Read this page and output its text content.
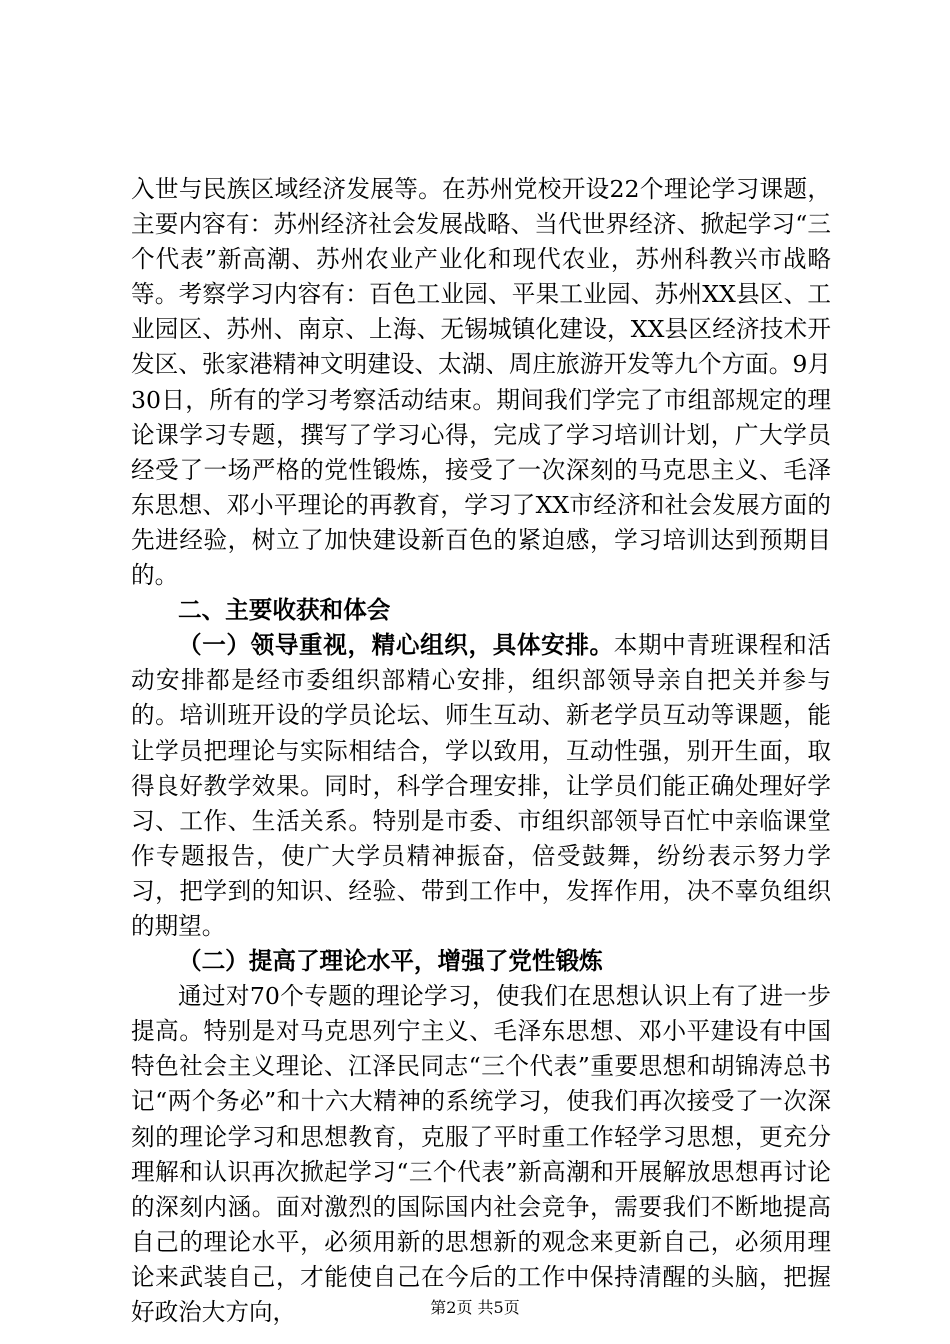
入世与民族区域经济发展等。在苏州党校开设22个理论学习课题，主要内容有：苏州经济社会发展战略、当代世界经济、掀起学习“三个代表”新高潮、苏州农业产业化和现代农业，苏州科教兴市战略等。考察学习内容有：百色工业园、平果工业园、苏州XX县区、工业园区、苏州、南京、上海、无锡城镇化建设，XX县区经济技术开发区、张家港精神文明建设、太湖、周庄旅游开发等九个方面。9月30日，所有的学习考察活动结束。期间我们学完了市组部规定的理论课学习专题，撰写了学习心得，完成了学习培训计划，广大学员经受了一场严格的党性锻炼，接受了一次深刻的马克思主义、毛泽东思想、邓小平理论的再教育，学习了XX市经济和社会发展方面的先进经验，树立了加快建设新百色的紧迫感，学习培训达到预期目的。

二、主要收获和体会

（一）领导重视，精心组织，具体安排。本期中青班课程和活动安排都是经市委组织部精心安排，组织部领导亲自把关并参与的。培训班开设的学员论坛、师生互动、新老学员互动等课题，能让学员把理论与实际相结合，学以致用，互动性强，别开生面，取得良好教学效果。同时，科学合理安排，让学员们能正确处理好学习、工作、生活关系。特别是市委、市组织部领导百忙中亲临课堂作专题报告，使广大学员精神振奋，倍受鼓舞，纷纷表示努力学习，把学到的知识、经验、带到工作中，发挥作用，决不辜负组织的期望。

（二）提高了理论水平，增强了党性锻炼

通过对70个专题的理论学习，使我们在思想认识上有了进一步提高。特别是对马克思列宁主义、毛泽东思想、邓小平建设有中国特色社会主义理论、江泽民同志“三个代表”重要思想和胡锦涛总书记“两个务必”和十六大精神的系统学习，使我们再次接受了一次深刻的理论学习和思想教育，克服了平时重工作轻学习思想，更充分理解和认识再次掀起学习“三个代表”新高潮和开展解放思想再讨论的深刻内涵。面对激烈的国际国内社会竞争，需要我们不断地提高自己的理论水平，必须用新的思想新的观念来更新自己，必须用理论来武装自己，才能使自己在今后的工作中保持清醒的头脑，把握好政治大方向，	第2页 共5页
